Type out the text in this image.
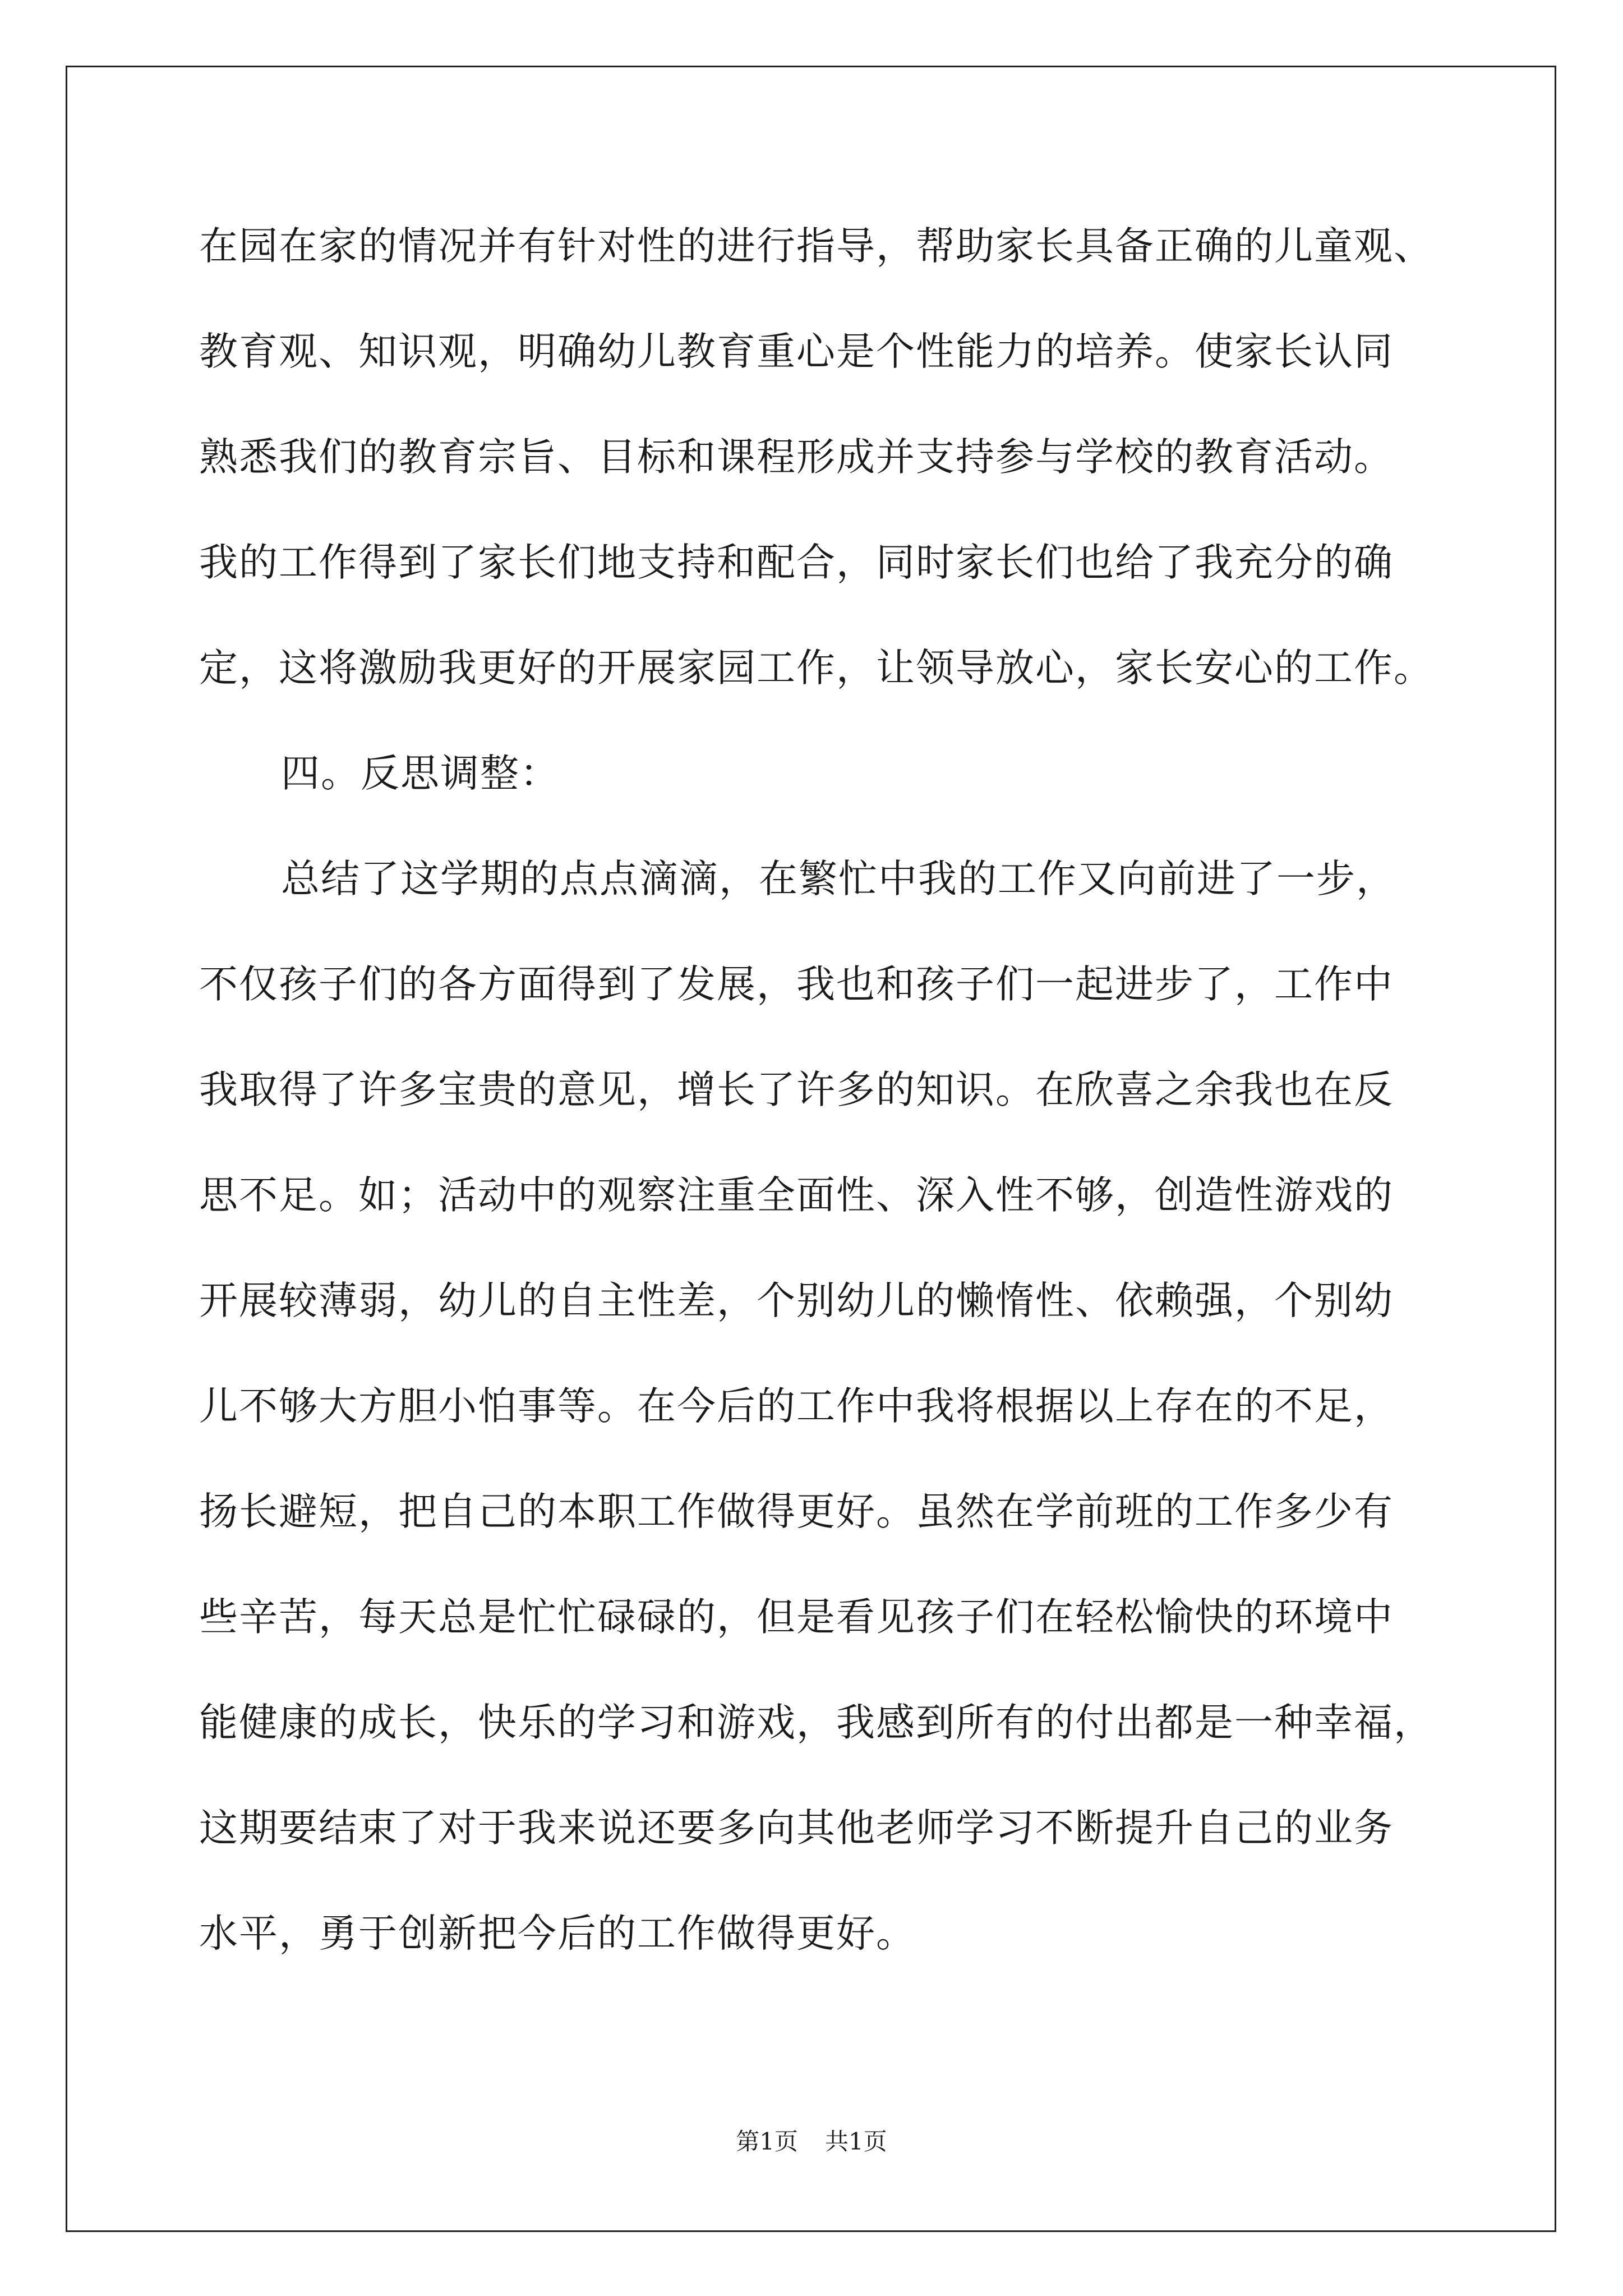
在园在家的情况并有针对性的进行指导，帮助家长具备正确的儿童观、
教育观、知识观，明确幼儿教育重心是个性能力的培养。使家长认同
熟悉我们的教育宗旨、目标和课程形成并支持参与学校的教育活动。
我的工作得到了家长们地支持和配合，同时家长们也给了我充分的确
定，这将激励我更好的开展家园工作，让领导放心，家长安心的工作。
四。反思调整：
总结了这学期的点点滴滴，在繁忙中我的工作又向前进了一步，
不仅孩子们的各方面得到了发展，我也和孩子们一起进步了，工作中
我取得了许多宝贵的意见，增长了许多的知识。在欣喜之余我也在反
思不足。如；活动中的观察注重全面性、深入性不够，创造性游戏的
开展较薄弱，幼儿的自主性差，个别幼儿的懒惰性、依赖强，个别幼
儿不够大方胆小怕事等。在今后的工作中我将根据以上存在的不足，
扬长避短，把自己的本职工作做得更好。虽然在学前班的工作多少有
些辛苦，每天总是忙忙碌碌的，但是看见孩子们在轻松愉快的环境中
能健康的成长，快乐的学习和游戏，我感到所有的付出都是一种幸福，
这期要结束了对于我来说还要多向其他老师学习不断提升自己的业务
水平，勇于创新把今后的工作做得更好。
第1页 共1页
